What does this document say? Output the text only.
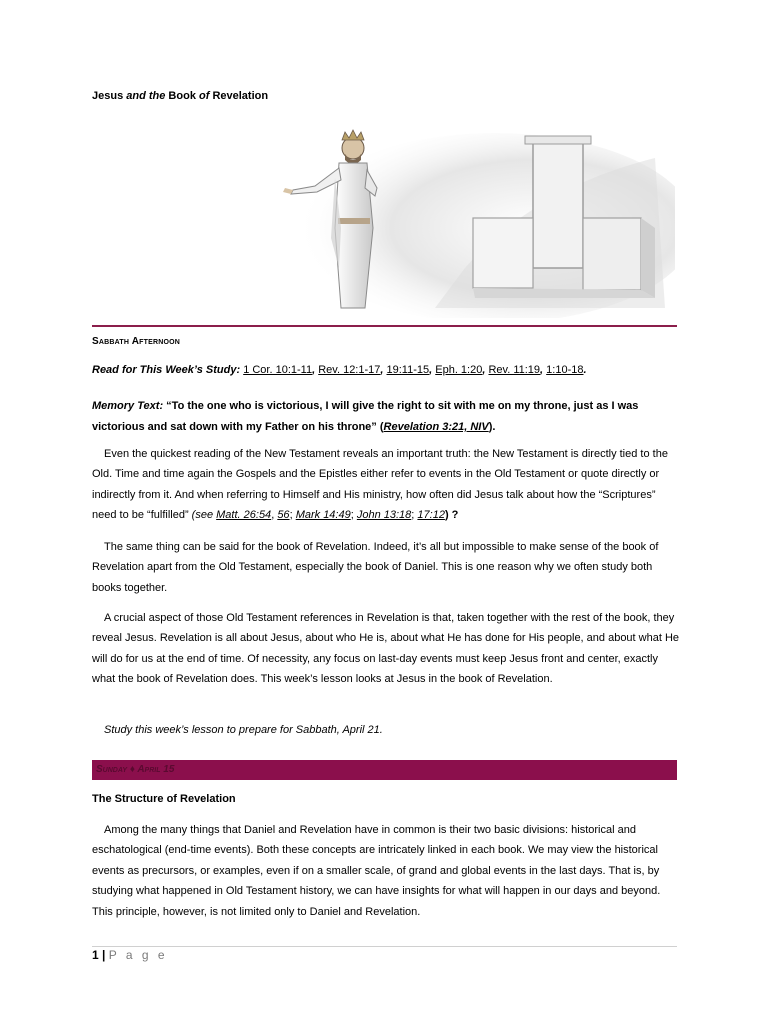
Jesus and the Book of Revelation
Sabbath Afternoon
Read for This Week’s Study: 1 Cor. 10:1-11, Rev. 12:1-17, 19:11-15, Eph. 1:20, Rev. 11:19, 1:10-18.
Memory Text: “To the one who is victorious, I will give the right to sit with me on my throne, just as I was victorious and sat down with my Father on his throne” (Revelation 3:21, NIV).
Even the quickest reading of the New Testament reveals an important truth: the New Testament is directly tied to the Old. Time and time again the Gospels and the Epistles either refer to events in the Old Testament or quote directly or indirectly from it. And when referring to Himself and His ministry, how often did Jesus talk about how the “Scriptures” need to be “fulfilled” (see Matt. 26:54, 56; Mark 14:49; John 13:18; 17:12) ?
The same thing can be said for the book of Revelation. Indeed, it’s all but impossible to make sense of the book of Revelation apart from the Old Testament, especially the book of Daniel. This is one reason why we often study both books together.
A crucial aspect of those Old Testament references in Revelation is that, taken together with the rest of the book, they reveal Jesus. Revelation is all about Jesus, about who He is, about what He has done for His people, and about what He will do for us at the end of time. Of necessity, any focus on last-day events must keep Jesus front and center, exactly what the book of Revelation does. This week’s lesson looks at Jesus in the book of Revelation.
Study this week’s lesson to prepare for Sabbath, April 21.
Sunday ♦ April 15
The Structure of Revelation
Among the many things that Daniel and Revelation have in common is their two basic divisions: historical and eschatological (end-time events). Both these concepts are intricately linked in each book. We may view the historical events as precursors, or examples, even if on a smaller scale, of grand and global events in the last days. That is, by studying what happened in Old Testament history, we can have insights for what will happen in our days and beyond. This principle, however, is not limited only to Daniel and Revelation.
1 | P a g e
